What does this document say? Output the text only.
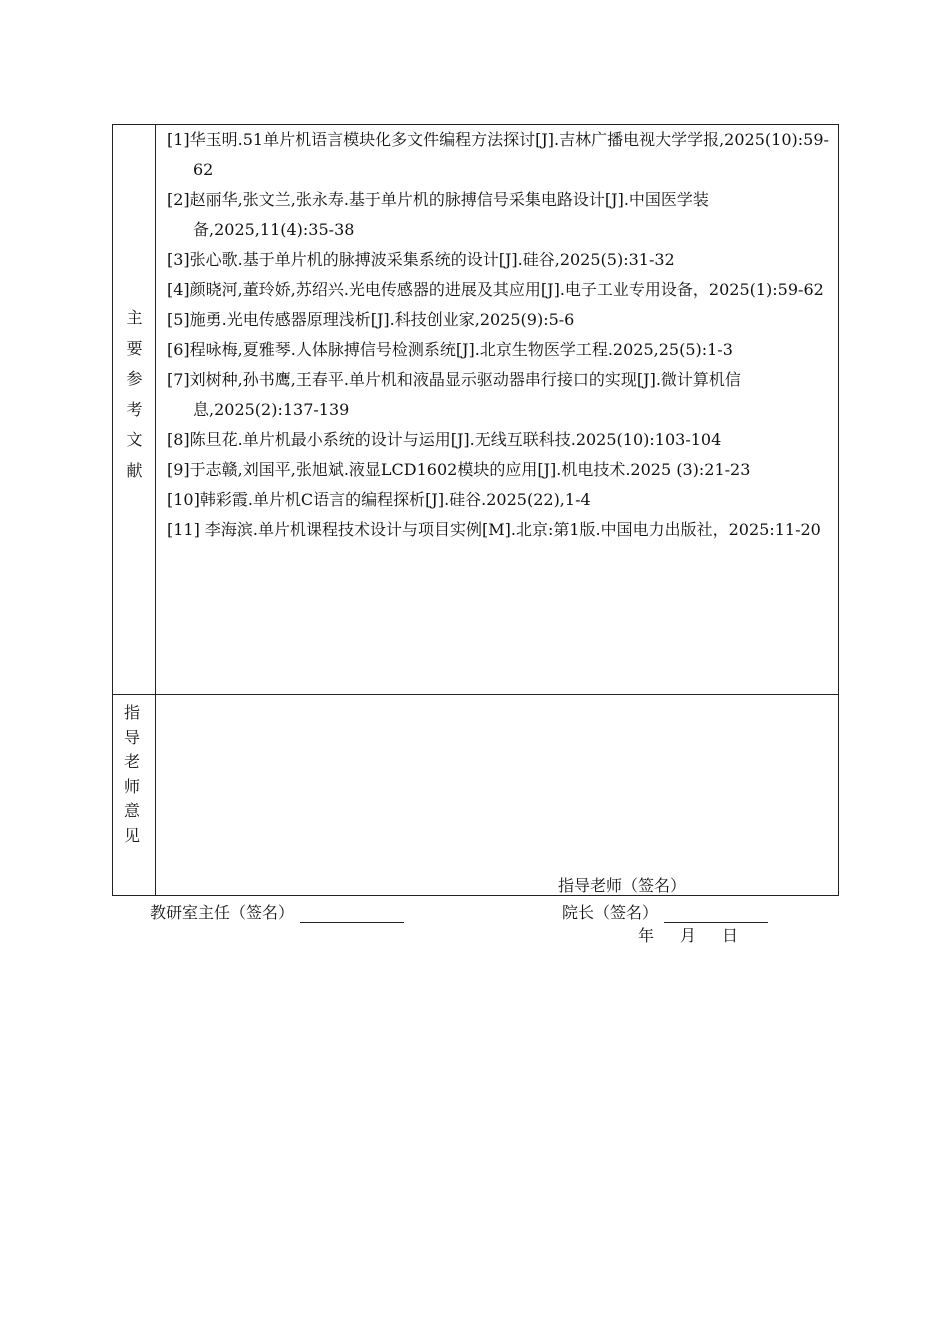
主
要
参
考
文
献
[1]华玉明.51单片机语言模块化多文件编程方法探讨[J].吉林广播电视大学学报,2025(10):59-62
[2]赵丽华,张文兰,张永寿.基于单片机的脉搏信号采集电路设计[J].中国医学装备,2025,11(4):35-38
[3]张心歌.基于单片机的脉搏波采集系统的设计[J].硅谷,2025(5):31-32
[4]颜晓河,董玲娇,苏绍兴.光电传感器的进展及其应用[J].电子工业专用设备，2025(1):59-62
[5]施勇.光电传感器原理浅析[J].科技创业家,2025(9):5-6
[6]程咏梅,夏雅琴.人体脉搏信号检测系统[J].北京生物医学工程.2025,25(5):1-3
[7]刘树种,孙书鹰,王春平.单片机和液晶显示驱动器串行接口的实现[J].微计算机信息,2025(2):137-139
[8]陈旦花.单片机最小系统的设计与运用[J].无线互联科技.2025(10):103-104
[9]于志赣,刘国平,张旭斌.液显LCD1602模块的应用[J].机电技术.2025 (3):21-23
[10]韩彩霞.单片机C语言的编程探析[J].硅谷.2025(22),1-4
[11] 李海滨.单片机课程技术设计与项目实例[M].北京:第1版.中国电力出版社，2025:11-20
指
导
老
师
意
见
指导老师（签名）
教研室主任（签名）	院长（签名）
年 月 日
